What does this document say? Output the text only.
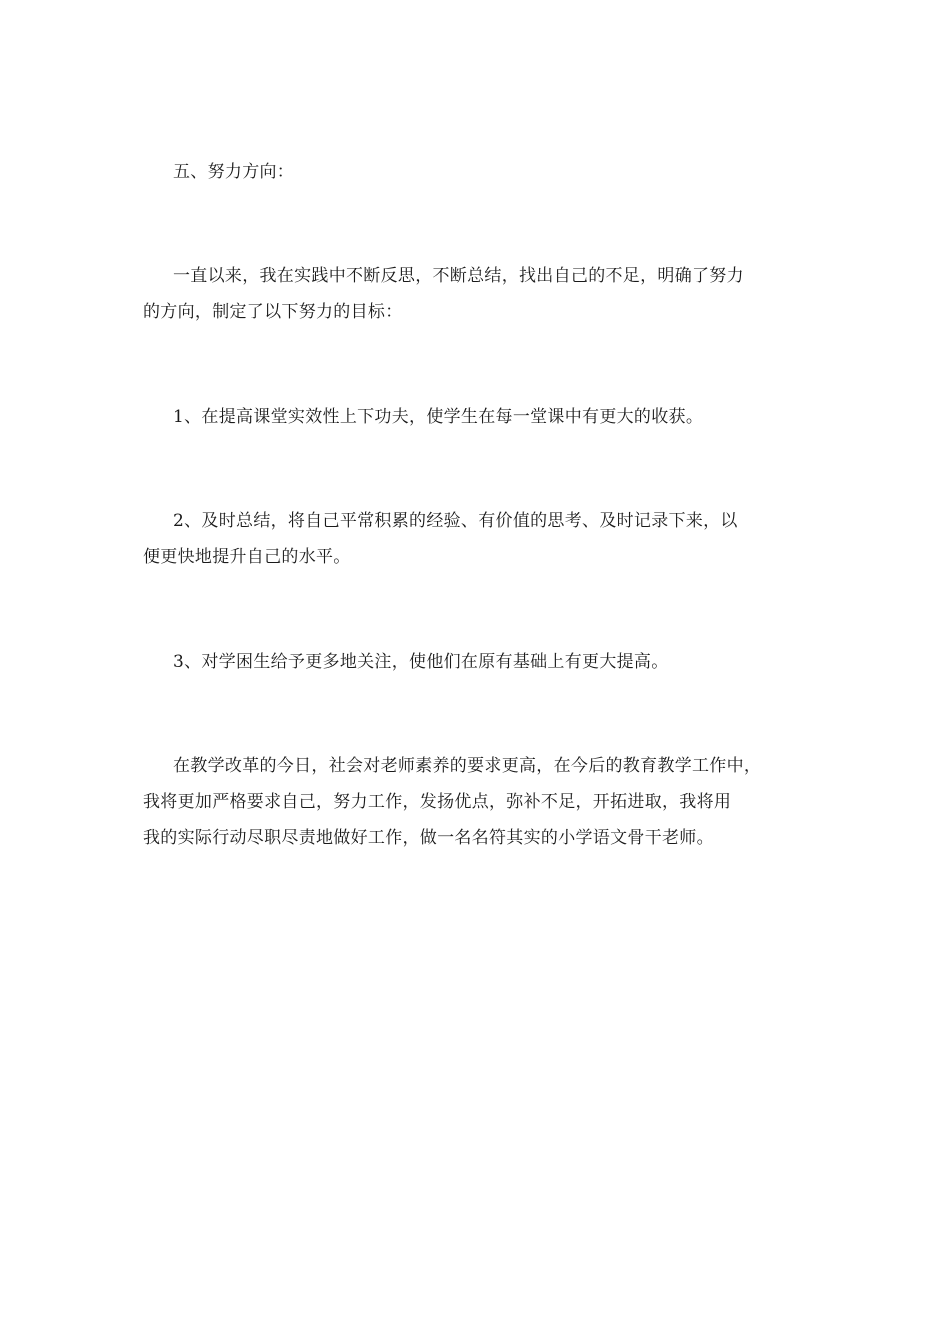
五、努力方向：
一直以来，我在实践中不断反思，不断总结，找出自己的不足，明确了努力
的方向，制定了以下努力的目标：
1、在提高课堂实效性上下功夫，使学生在每一堂课中有更大的收获。
2、及时总结，将自己平常积累的经验、有价值的思考、及时记录下来，以
便更快地提升自己的水平。
3、对学困生给予更多地关注，使他们在原有基础上有更大提高。
在教学改革的今日，社会对老师素养的要求更高，在今后的教育教学工作中，
我将更加严格要求自己，努力工作，发扬优点，弥补不足，开拓进取，我将用
我的实际行动尽职尽责地做好工作，做一名名符其实的小学语文骨干老师。
